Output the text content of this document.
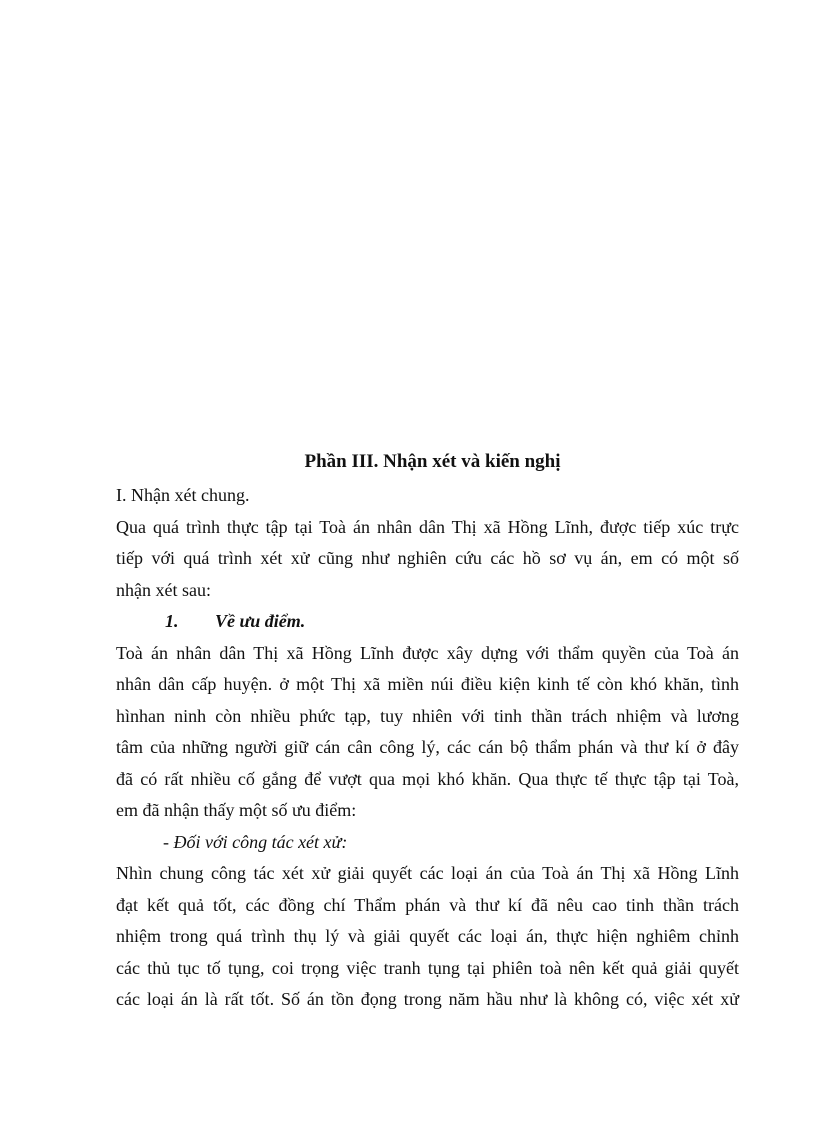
Phần III. Nhận xét và kiến nghị
I. Nhận xét chung.
Qua quá trình thực tập tại Toà án nhân dân Thị xã Hồng Lĩnh, được tiếp xúc trực
tiếp với quá trình xét xử cũng như nghiên cứu các hồ sơ vụ án, em có một số
nhận xét sau:
1. Về ưu điểm.
Toà án nhân dân Thị xã Hồng Lĩnh được xây dựng với thẩm quyền của Toà án
nhân dân cấp huyện. ở một Thị xã miền núi điều kiện kinh tế còn khó khăn, tình
hìnhan ninh còn nhiều phức tạp, tuy nhiên với tinh thần trách nhiệm và lương
tâm của những người giữ cán cân công lý, các cán bộ thẩm phán và thư kí ở đây
đã có rất nhiều cố gắng để vượt qua mọi khó khăn. Qua thực tế thực tập tại Toà,
em đã nhận thấy một số ưu điểm:
- Đối với công tác xét xử:
Nhìn chung công tác xét xử giải quyết các loại án của Toà án Thị xã Hồng Lĩnh
đạt kết quả tốt, các đồng chí Thẩm phán và thư kí đã nêu cao tinh thần trách
nhiệm trong quá trình thụ lý và giải quyết các loại án, thực hiện nghiêm chỉnh
các thủ tục tố tụng, coi trọng việc tranh tụng tại phiên toà nên kết quả giải quyết
các loại án là rất tốt. Số án tồn đọng trong năm hầu như là không có, việc xét xử
